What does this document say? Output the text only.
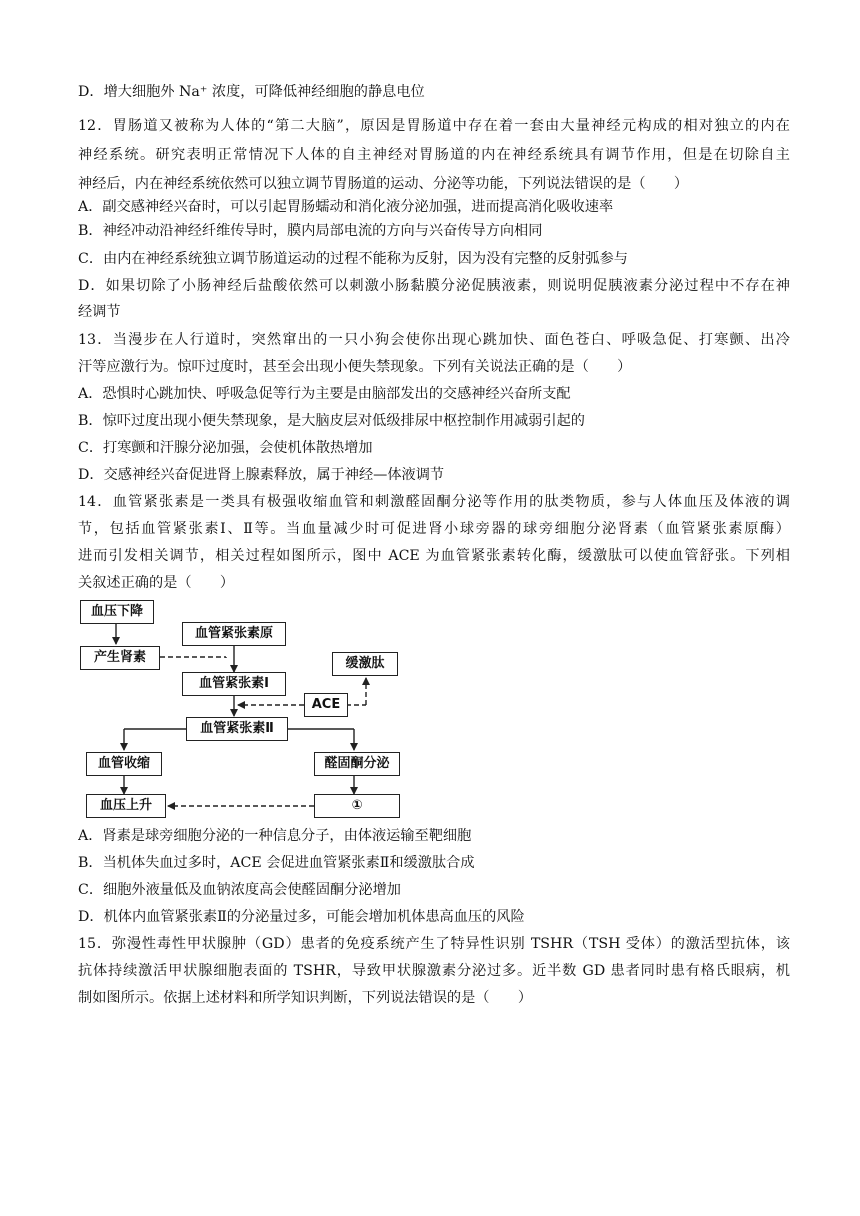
D．增大细胞外 Na⁺ 浓度，可降低神经细胞的静息电位
12．胃肠道又被称为人体的“第二大脑”，原因是胃肠道中存在着一套由大量神经元构成的相对独立的内在
神经系统。研究表明正常情况下人体的自主神经对胃肠道的内在神经系统具有调节作用，但是在切除自主
神经后，内在神经系统依然可以独立调节胃肠道的运动、分泌等功能，下列说法错误的是（　　）
A．副交感神经兴奋时，可以引起胃肠蠕动和消化液分泌加强，进而提高消化吸收速率
B．神经冲动沿神经纤维传导时，膜内局部电流的方向与兴奋传导方向相同
C．由内在神经系统独立调节肠道运动的过程不能称为反射，因为没有完整的反射弧参与
D．如果切除了小肠神经后盐酸依然可以刺激小肠黏膜分泌促胰液素，则说明促胰液素分泌过程中不存在神
经调节
13．当漫步在人行道时，突然窜出的一只小狗会使你出现心跳加快、面色苍白、呼吸急促、打寒颤、出冷
汗等应激行为。惊吓过度时，甚至会出现小便失禁现象。下列有关说法正确的是（　　）
A．恐惧时心跳加快、呼吸急促等行为主要是由脑部发出的交感神经兴奋所支配
B．惊吓过度出现小便失禁现象，是大脑皮层对低级排尿中枢控制作用减弱引起的
C．打寒颤和汗腺分泌加强，会使机体散热增加
D．交感神经兴奋促进肾上腺素释放，属于神经—体液调节
14．血管紧张素是一类具有极强收缩血管和刺激醛固酮分泌等作用的肽类物质，参与人体血压及体液的调
节，包括血管紧张素Ⅰ、Ⅱ等。当血量减少时可促进肾小球旁器的球旁细胞分泌肾素（血管紧张素原酶）
进而引发相关调节，相关过程如图所示，图中 ACE 为血管紧张素转化酶，缓激肽可以使血管舒张。下列相
关叙述正确的是（　　）
血压下降
产生肾素
血管紧张素原
血管紧张素Ⅰ
缓激肽
ACE
血管紧张素Ⅱ
血管收缩	醛固酮分泌
血压上升	①
A．肾素是球旁细胞分泌的一种信息分子，由体液运输至靶细胞
B．当机体失血过多时，ACE 会促进血管紧张素Ⅱ和缓激肽合成
C．细胞外液量低及血钠浓度高会使醛固酮分泌增加
D．机体内血管紧张素Ⅱ的分泌量过多，可能会增加机体患高血压的风险
15．弥漫性毒性甲状腺肿（GD）患者的免疫系统产生了特异性识别 TSHR（TSH 受体）的激活型抗体，该
抗体持续激活甲状腺细胞表面的 TSHR，导致甲状腺激素分泌过多。近半数 GD 患者同时患有格氏眼病，机
制如图所示。依据上述材料和所学知识判断，下列说法错误的是（　　）
